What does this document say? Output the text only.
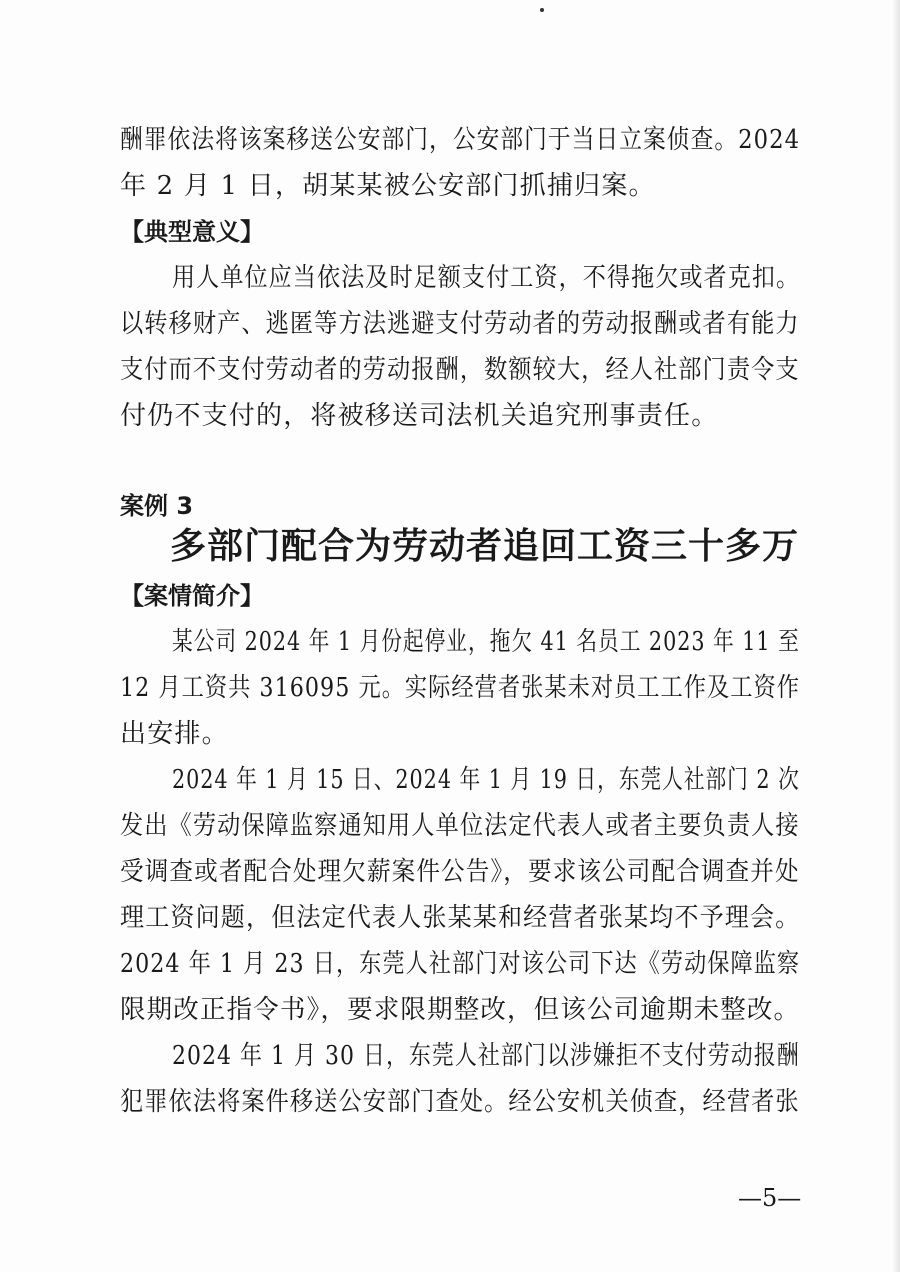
酬罪依法将该案移送公安部门，公安部门于当日立案侦查。2024
年 2 月 1 日，胡某某被公安部门抓捕归案。
【典型意义】
用人单位应当依法及时足额支付工资，不得拖欠或者克扣。
以转移财产、逃匿等方法逃避支付劳动者的劳动报酬或者有能力
支付而不支付劳动者的劳动报酬，数额较大，经人社部门责令支
付仍不支付的，将被移送司法机关追究刑事责任。
案例 3
多部门配合为劳动者追回工资三十多万
【案情简介】
某公司 2024 年 1 月份起停业，拖欠 41 名员工 2023 年 11 至
12 月工资共 316095 元。实际经营者张某未对员工工作及工资作
出安排。
2024 年 1 月 15 日、2024 年 1 月 19 日，东莞人社部门 2 次
发出《劳动保障监察通知用人单位法定代表人或者主要负责人接
受调查或者配合处理欠薪案件公告》，要求该公司配合调查并处
理工资问题，但法定代表人张某某和经营者张某均不予理会。
2024 年 1 月 23 日，东莞人社部门对该公司下达《劳动保障监察
限期改正指令书》，要求限期整改，但该公司逾期未整改。
2024 年 1 月 30 日，东莞人社部门以涉嫌拒不支付劳动报酬
犯罪依法将案件移送公安部门查处。经公安机关侦查，经营者张
—5—
